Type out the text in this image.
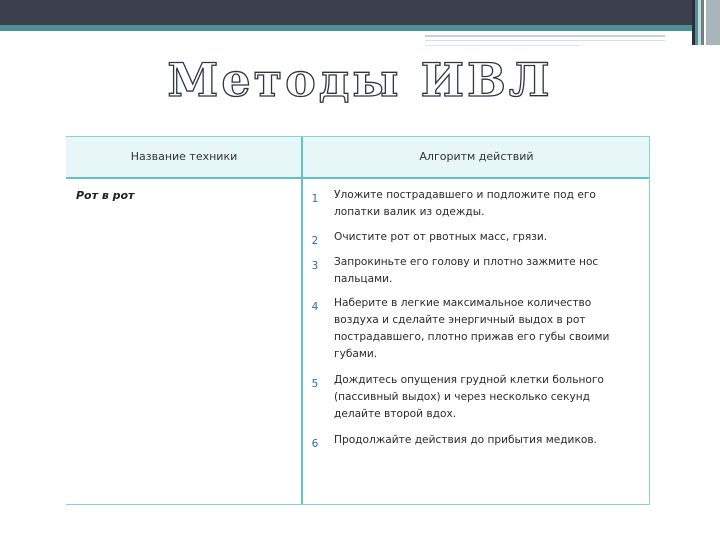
Методы ИВЛ
Название техники	Алгоритм действий
Рот в рот	1	Уложите пострадавшего и подложите под его лопатки валик из одежды.
2	Очистите рот от рвотных масс, грязи.
3	Запрокиньте его голову и плотно зажмите нос пальцами.
4	Наберите в легкие максимальное количество воздуха и сделайте энергичный выдох в рот пострадавшего, плотно прижав его губы своими губами.
5	Дождитесь опущения грудной клетки больного (пассивный выдох) и через несколько секунд делайте второй вдох.
6	Продолжайте действия до прибытия медиков.
